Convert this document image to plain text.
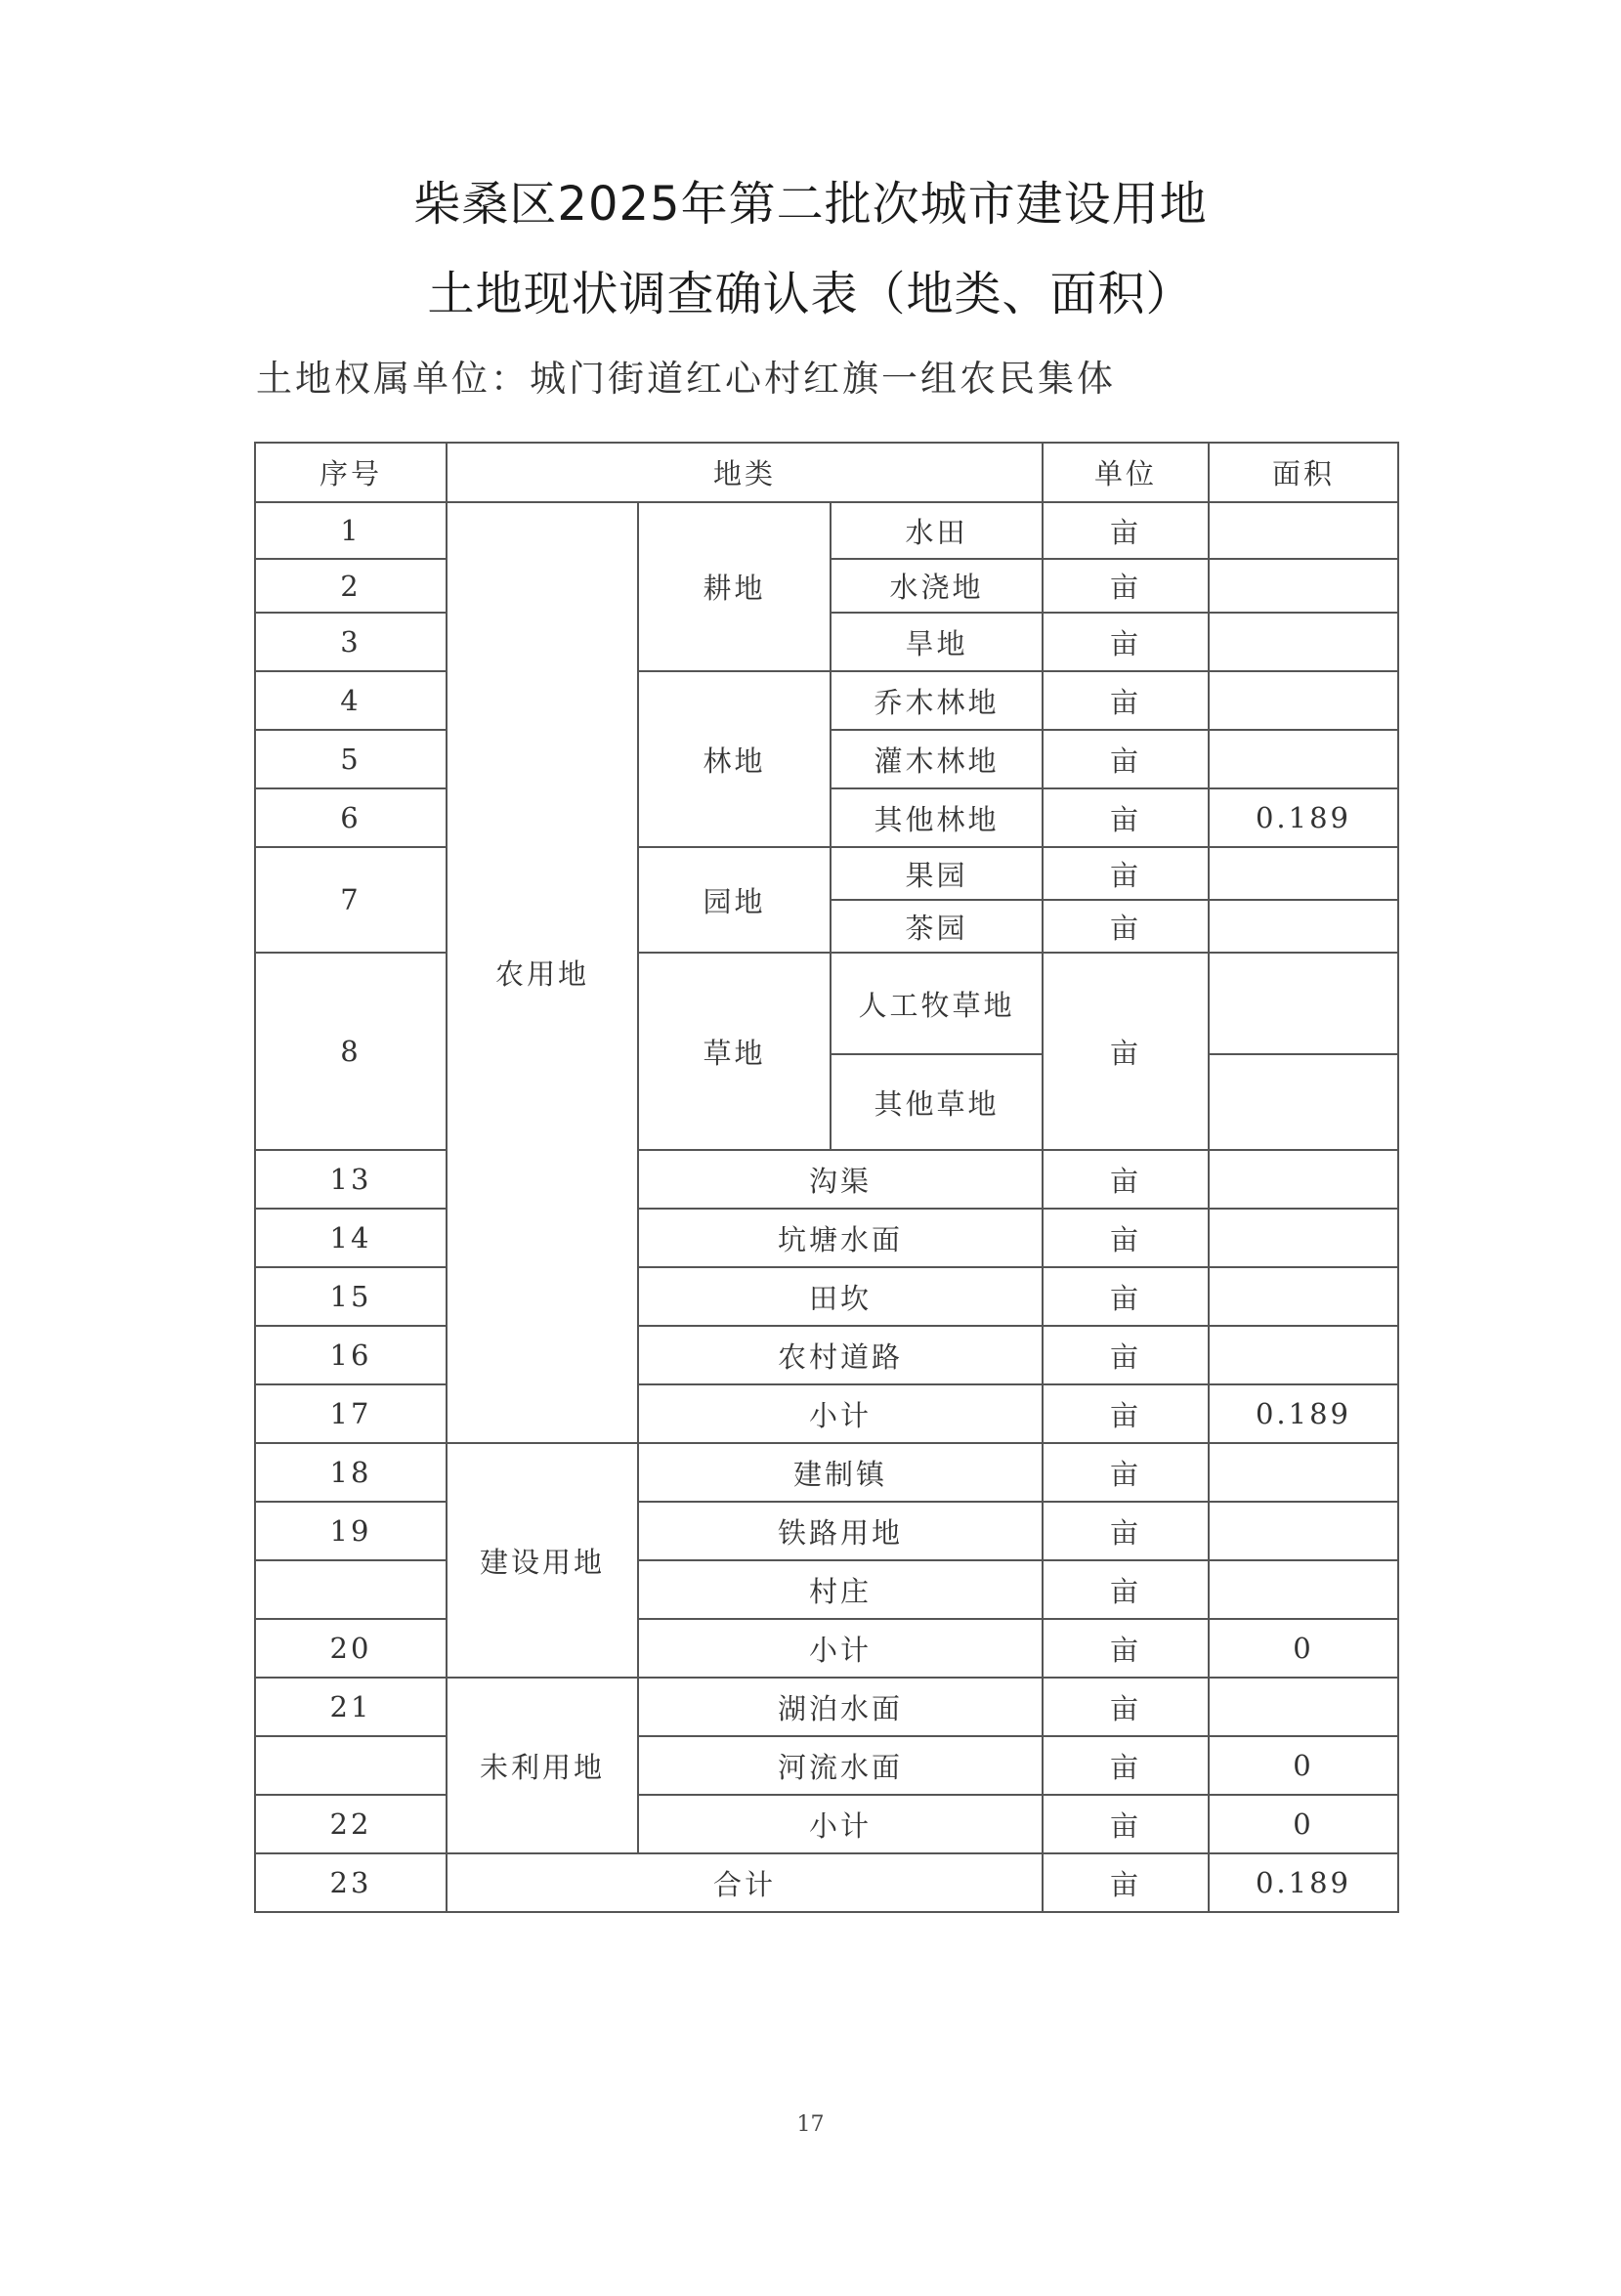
柴桑区2025年第二批次城市建设用地
土地现状调查确认表（地类、面积）
土地权属单位：城门街道红心村红旗一组农民集体
序号	地类			单位	面积
1	农用地	耕地	水田	亩	
2			水浇地	亩	
3			旱地	亩	
4		林地	乔木林地	亩	
5			灌木林地	亩	
6			其他林地	亩	0.189
7		园地	果园	亩	
			茶园	亩	
8		草地	人工牧草地	亩	
			其他草地		
13		沟渠		亩	
14		坑塘水面		亩	
15		田坎		亩	
16		农村道路		亩	
17		小计		亩	0.189
18	建设用地	建制镇		亩	
19		铁路用地		亩	
		村庄		亩	
20		小计		亩	0
21	未利用地	湖泊水面		亩	
		河流水面		亩	0
22		小计		亩	0
23	合计			亩	0.189
17
